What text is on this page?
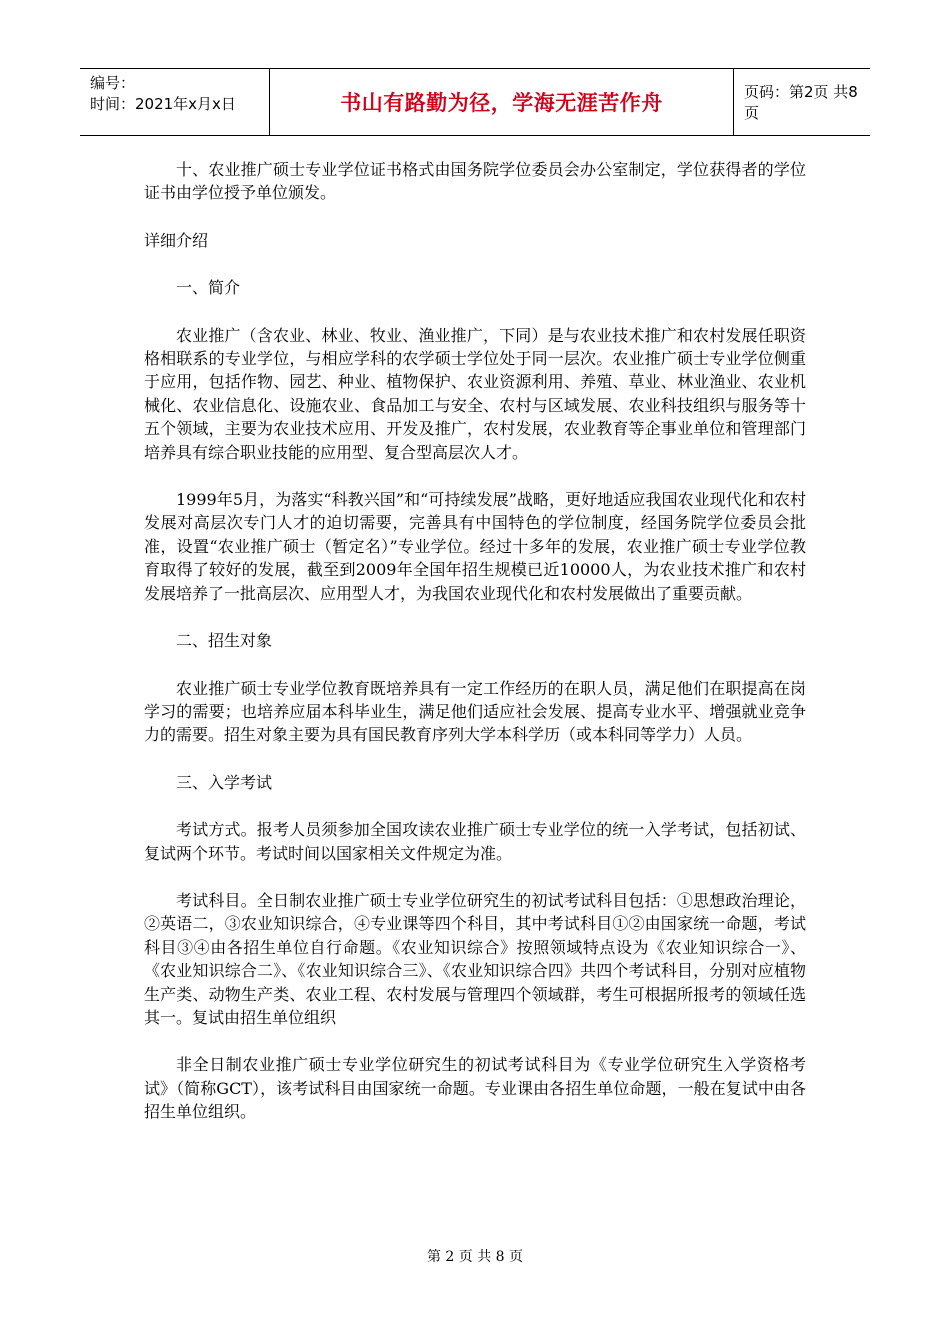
编号：
时间：2021年x月x日	书山有路勤为径，学海无涯苦作舟	页码：第2页 共8页

十、农业推广硕士专业学位证书格式由国务院学位委员会办公室制定，学位获得者的学位证书由学位授予单位颁发。

详细介绍

一、简介

农业推广（含农业、林业、牧业、渔业推广，下同）是与农业技术推广和农村发展任职资格相联系的专业学位，与相应学科的农学硕士学位处于同一层次。农业推广硕士专业学位侧重于应用，包括作物、园艺、种业、植物保护、农业资源利用、养殖、草业、林业渔业、农业机械化、农业信息化、设施农业、食品加工与安全、农村与区域发展、农业科技组织与服务等十五个领域，主要为农业技术应用、开发及推广，农村发展，农业教育等企事业单位和管理部门培养具有综合职业技能的应用型、复合型高层次人才。

1999年5月，为落实“科教兴国”和“可持续发展”战略，更好地适应我国农业现代化和农村发展对高层次专门人才的迫切需要，完善具有中国特色的学位制度，经国务院学位委员会批准，设置“农业推广硕士（暂定名）”专业学位。经过十多年的发展，农业推广硕士专业学位教育取得了较好的发展，截至到2009年全国年招生规模已近10000人，为农业技术推广和农村发展培养了一批高层次、应用型人才，为我国农业现代化和农村发展做出了重要贡献。

二、招生对象

农业推广硕士专业学位教育既培养具有一定工作经历的在职人员，满足他们在职提高在岗学习的需要；也培养应届本科毕业生，满足他们适应社会发展、提高专业水平、增强就业竞争力的需要。招生对象主要为具有国民教育序列大学本科学历（或本科同等学力）人员。

三、入学考试

考试方式。报考人员须参加全国攻读农业推广硕士专业学位的统一入学考试，包括初试、复试两个环节。考试时间以国家相关文件规定为准。

考试科目。全日制农业推广硕士专业学位研究生的初试考试科目包括：①思想政治理论，②英语二，③农业知识综合，④专业课等四个科目，其中考试科目①②由国家统一命题，考试科目③④由各招生单位自行命题。《农业知识综合》按照领域特点设为《农业知识综合一》、《农业知识综合二》、《农业知识综合三》、《农业知识综合四》共四个考试科目，分别对应植物生产类、动物生产类、农业工程、农村发展与管理四个领域群，考生可根据所报考的领域任选其一。复试由招生单位组织

非全日制农业推广硕士专业学位研究生的初试考试科目为《专业学位研究生入学资格考试》（简称GCT），该考试科目由国家统一命题。专业课由各招生单位命题，一般在复试中由各招生单位组织。

第 2 页 共 8 页
